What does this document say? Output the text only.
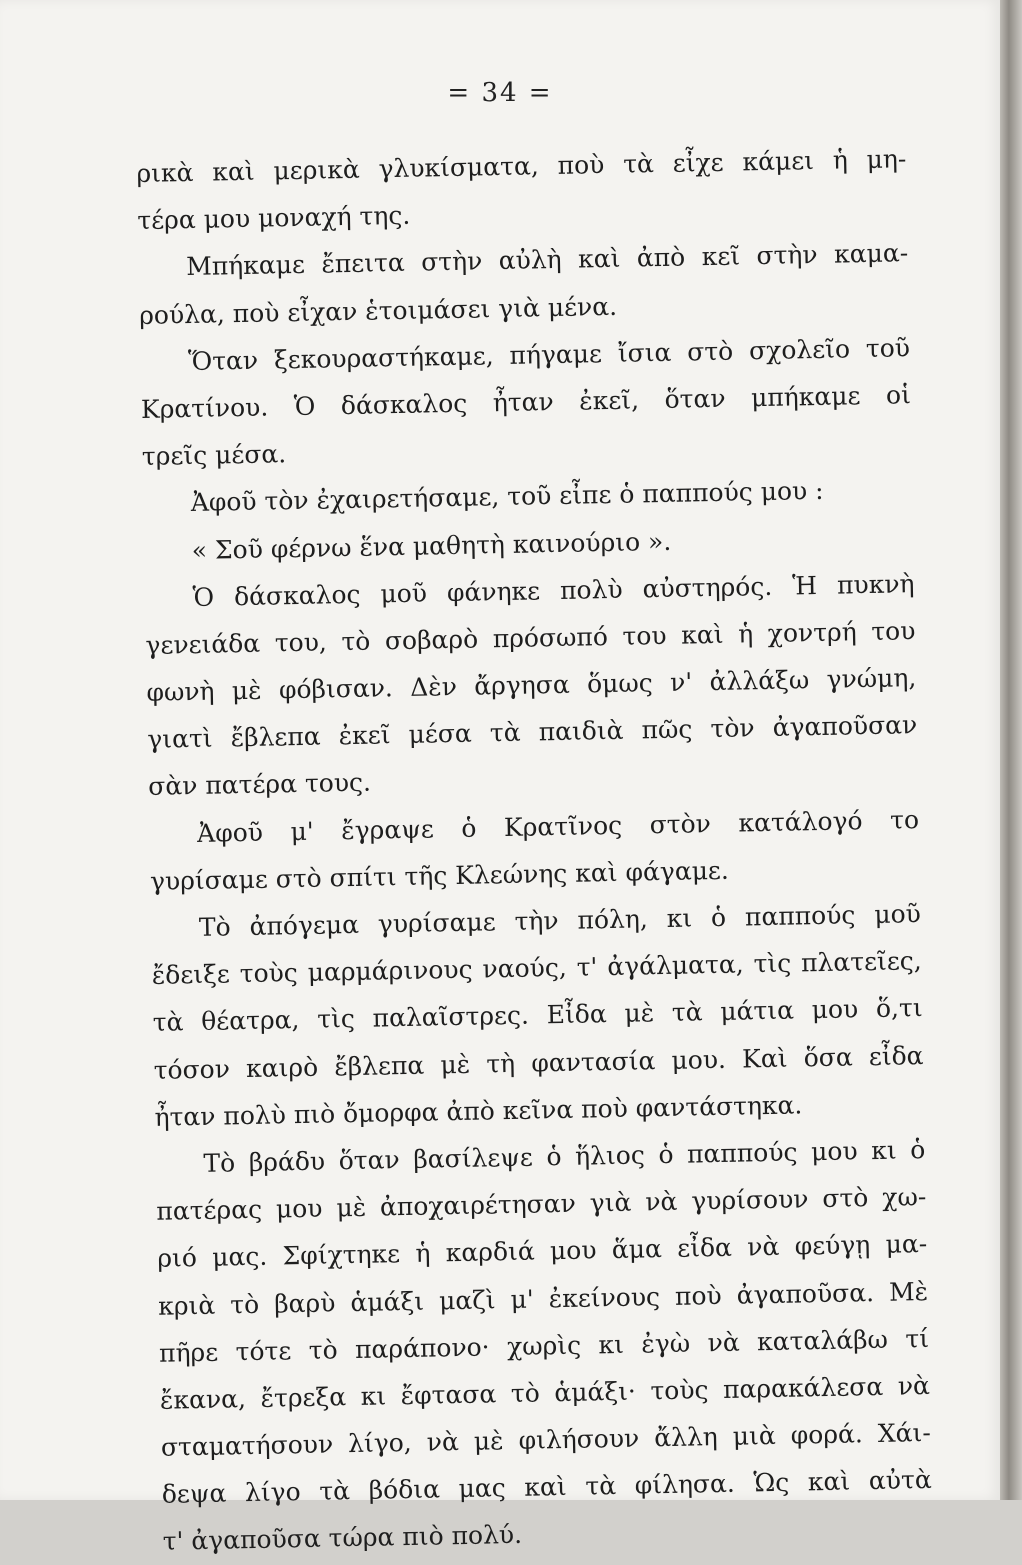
= 34 =
ρικὰ καὶ μερικὰ γλυκίσματα, ποὺ τὰ εἶχε κάμει ἡ μη-
τέρα μου μοναχή της.
Μπήκαμε ἔπειτα στὴν αὐλὴ καὶ ἀπὸ κεῖ στὴν καμα-
ρούλα, ποὺ εἶχαν ἑτοιμάσει γιὰ μένα.
Ὅταν ξεκουραστήκαμε, πήγαμε ἴσια στὸ σχολεῖο τοῦ
Κρατίνου. Ὁ δάσκαλος ἦταν ἐκεῖ, ὅταν μπήκαμε οἱ
τρεῖς μέσα.
Ἀφοῦ τὸν ἐχαιρετήσαμε, τοῦ εἶπε ὁ παππούς μου :
« Σοῦ φέρνω ἕνα μαθητὴ καινούριο ».
Ὁ δάσκαλος μοῦ φάνηκε πολὺ αὐστηρός. Ἡ πυκνὴ
γενειάδα του, τὸ σοβαρὸ πρόσωπό του καὶ ἡ χοντρή του
φωνὴ μὲ φόβισαν. Δὲν ἄργησα ὅμως ν' ἀλλάξω γνώμη,
γιατὶ ἔβλεπα ἐκεῖ μέσα τὰ παιδιὰ πῶς τὸν ἀγαποῦσαν
σὰν πατέρα τους.
Ἀφοῦ μ' ἔγραψε ὁ Κρατῖνος στὸν κατάλογό το
γυρίσαμε στὸ σπίτι τῆς Κλεώνης καὶ φάγαμε.
Τὸ ἀπόγεμα γυρίσαμε τὴν πόλη, κι ὁ παππούς μοῦ
ἔδειξε τοὺς μαρμάρινους ναούς, τ' ἀγάλματα, τὶς πλατεῖες,
τὰ θέατρα, τὶς παλαῖστρες. Εἶδα μὲ τὰ μάτια μου ὅ,τι
τόσον καιρὸ ἔβλεπα μὲ τὴ φαντασία μου. Καὶ ὅσα εἶδα
ἦταν πολὺ πιὸ ὄμορφα ἀπὸ κεῖνα ποὺ φαντάστηκα.
Τὸ βράδυ ὅταν βασίλεψε ὁ ἥλιος ὁ παππούς μου κι ὁ
πατέρας μου μὲ ἀποχαιρέτησαν γιὰ νὰ γυρίσουν στὸ χω-
ριό μας. Σφίχτηκε ἡ καρδιά μου ἅμα εἶδα νὰ φεύγῃ μα-
κριὰ τὸ βαρὺ ἁμάξι μαζὶ μ' ἐκείνους ποὺ ἀγαποῦσα. Μὲ
πῆρε τότε τὸ παράπονο· χωρὶς κι ἐγὼ νὰ καταλάβω τί
ἔκανα, ἔτρεξα κι ἔφτασα τὸ ἁμάξι· τοὺς παρακάλεσα νὰ
σταματήσουν λίγο, νὰ μὲ φιλήσουν ἄλλη μιὰ φορά. Χάι-
δεψα λίγο τὰ βόδια μας καὶ τὰ φίλησα. Ὡς καὶ αὐτὰ
τ' ἀγαποῦσα τώρα πιὸ πολύ.
